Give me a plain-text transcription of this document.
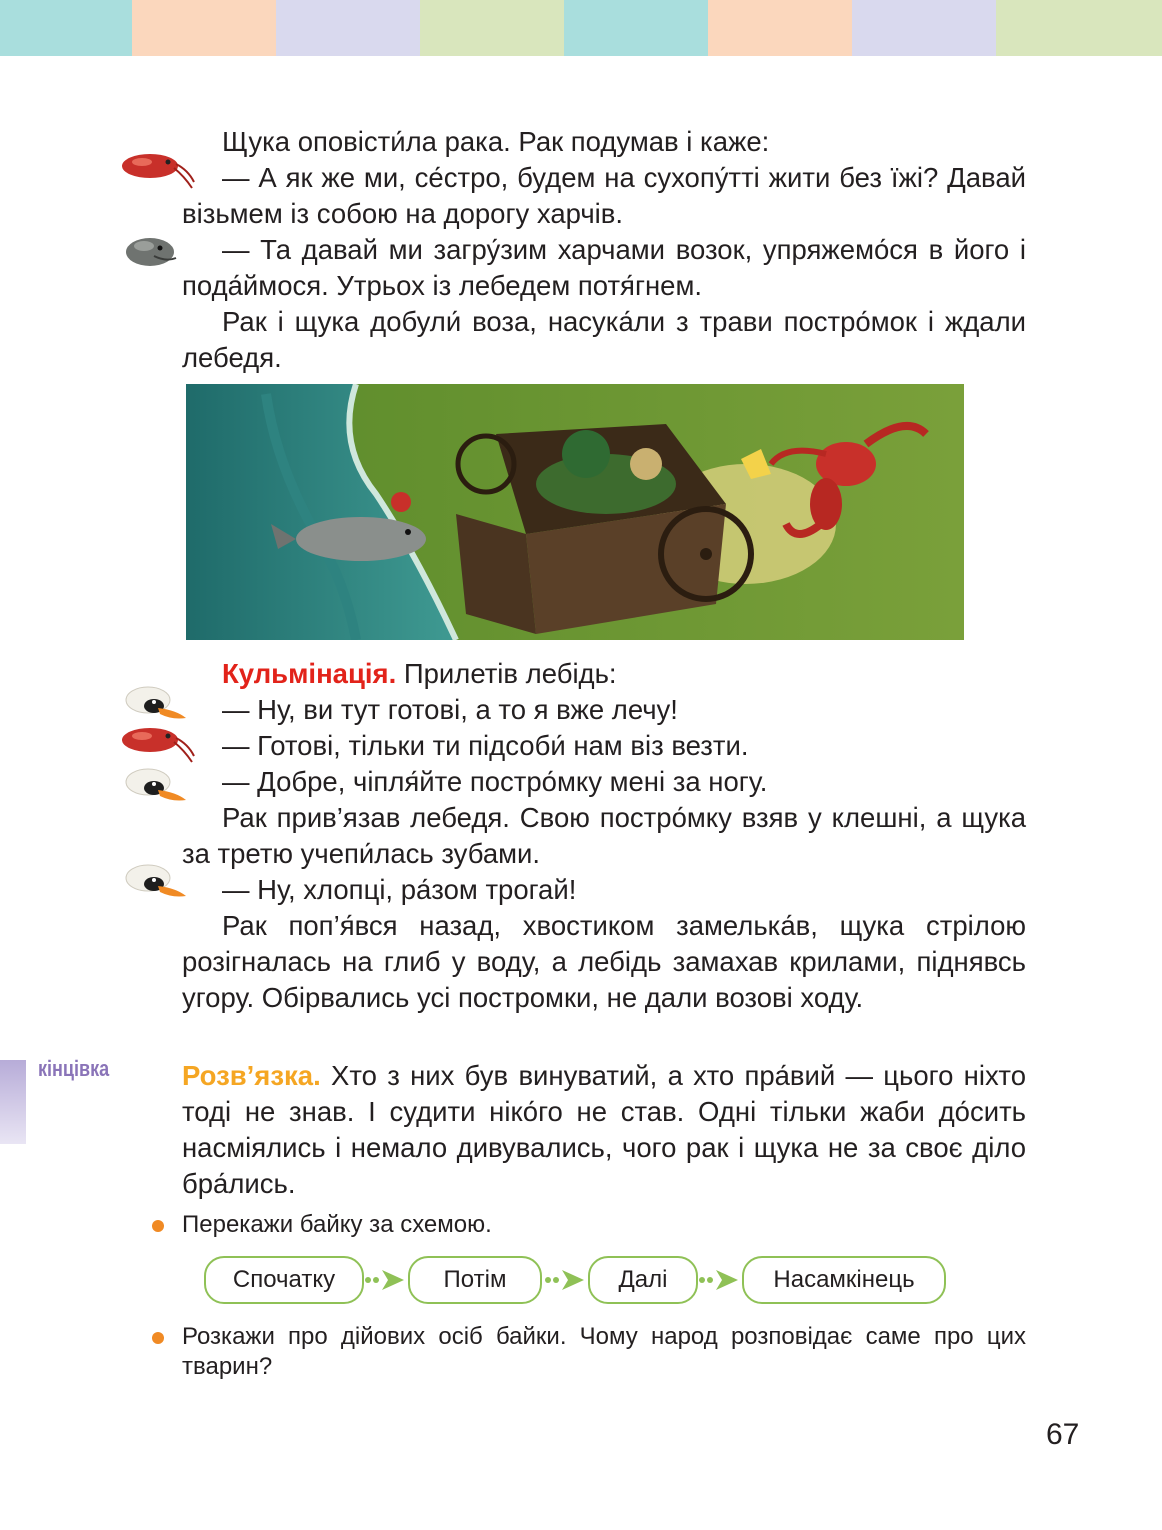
Щука оповісти́ла рака. Рак подумав і каже:

— А як же ми, се́стро, будем на сухопу́тті жити без їжі? Давай візьмем із собою на дорогу харчів.

— Та давай ми загру́зим харчами возок, упряжемо́ся в його і пода́ймося. Утрьох із лебедем потя́гнем.

Рак і щука добули́ воза, насука́ли з трави постро́мок і ждали лебедя.

Кульмінація. Прилетів лебідь:

— Ну, ви тут готові, а то я вже лечу!

— Готові, тільки ти підсоби́ нам віз везти.

— Добре, чіпля́йте постро́мку мені за ногу.

Рак прив’язав лебедя. Свою постро́мку взяв у клешні, а щука за третю учепи́лась зубами.

— Ну, хлопці, ра́зом трогай!

Рак поп’я́вся назад, хвостиком замелька́в, щука стрілою розігналась на глиб у воду, а лебідь замахав крилами, піднявсь угору. Обірвались усі постромки, не дали возові ходу.

кінцівка	Розв’язка. Хто з них був винуватий, а хто пра́вий — цього ніхто тоді не знав. І судити ніко́го не став. Одні тільки жаби до́сить насміялись і немало дивувались, чого рак і щука не за своє діло бра́лись.

Перекажи байку за схемою.

Спочатку	Потім	Далі	Насамкінець

Розкажи про дійових осіб байки. Чому народ розповідає саме про цих тварин?

67
